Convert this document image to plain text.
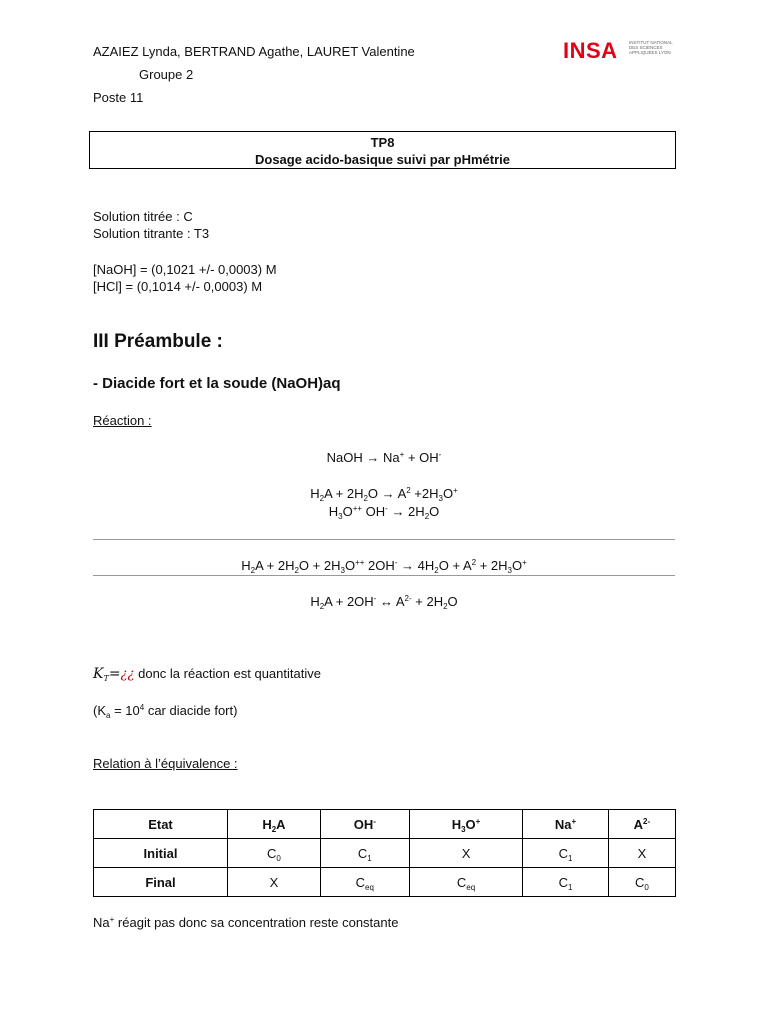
AZAIEZ Lynda, BERTRAND Agathe, LAURET Valentine
Groupe 2
Poste 11
INSA	INSTITUT NATIONAL DES SCIENCES APPLIQUÉES LYON
TP8
Dosage acido-basique suivi par pHmétrie
Solution titrée : C
Solution titrante : T3
[NaOH] = (0,1021 +/- 0,0003) M
[HCl] = (0,1014 +/- 0,0003) M
III Préambule :
- Diacide fort et la soude (NaOH)aq
Réaction :
NaOH → Na+ + OH-
$H_2A + 2H_2O \to A^2 +2H_3O^+$
$H_3O^{++}$ $OH^- \to 2H_2O$
$H_2A + 2H_2O + 2H_3O^{++}$ $2OH^- \to 4H_2O + A^2 + 2H_3O^+$
$H_2A + 2OH^-$ ↔ $A^{2-} + 2H_2O$
$K_T=¿¿$ donc la réaction est quantitative
($K_a = 10^4$ car diacide fort)
Relation à l’équivalence :
Etat	$H_2A$	OH-	$H_3O^+$	Na+	$A^{2-}$
Initial	$C_0$	$C_1$	X	$C_1$	X
Final	X	$C_{eq}$	$C_{eq}$	$C_1$	$C_0$
Na+ réagit pas donc sa concentration reste constante
